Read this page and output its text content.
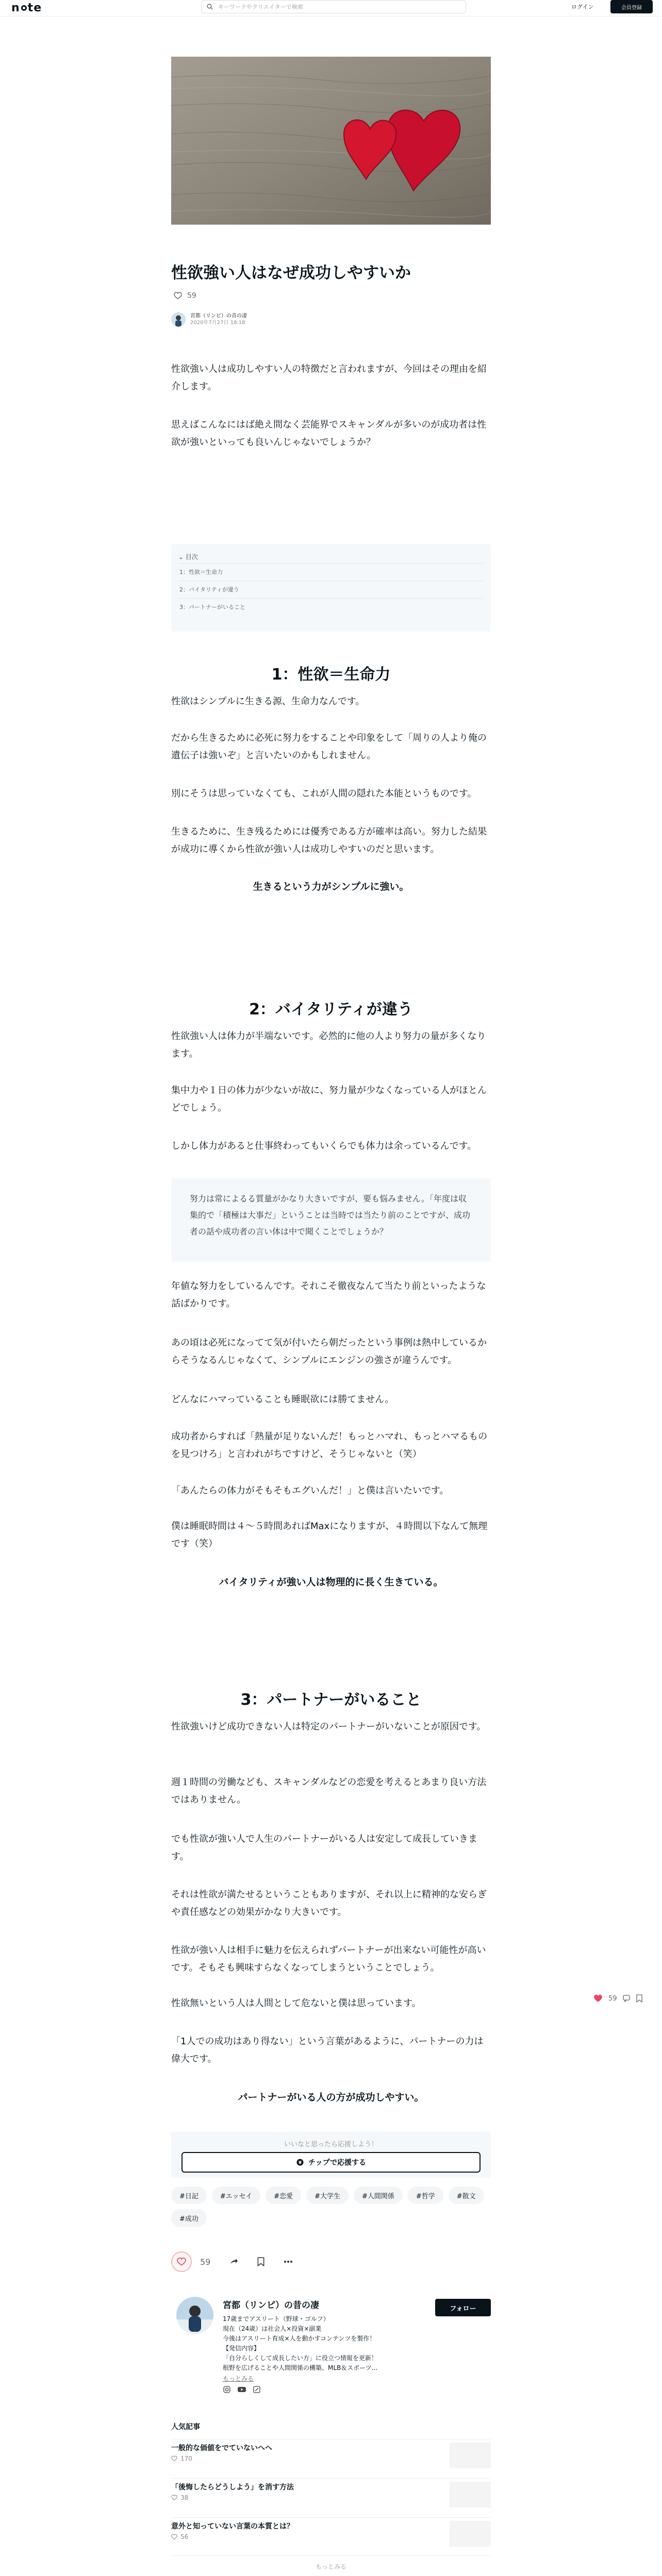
n te
キーワードやクリエイターで検索	ログイン	会員登録
性欲強い人はなぜ成功しやすいか
59
宮都（リンピ）の昔の凄
2020年7月27日 18:18
性欲強い人は成功しやすい人の特徴だと言われますが、今回はその理由を紹介します。
思えばこんなにはば絶え間なく芸能界でスキャンダルが多いのが成功者は性欲が強いといっても良いんじゃないでしょうか？
⌄ 目次
1：性欲＝生命力
2：バイタリティが違う
3：パートナーがいること
1：性欲＝生命力
性欲はシンプルに生きる源、生命力なんです。
だから生きるために必死に努力をすることや印象をして「周りの人より俺の遺伝子は強いぞ」と言いたいのかもしれません。
別にそうは思っていなくても、これが人間の隠れた本能というものです。
生きるために、生き残るためには優秀である方が確率は高い。努力した結果が成功に導くから性欲が強い人は成功しやすいのだと思います。
生きるという力がシンプルに強い。
2：バイタリティが違う
性欲強い人は体力が半端ないです。必然的に他の人より努力の量が多くなります。
集中力や１日の体力が少ないが故に、努力量が少なくなっている人がほとんどでしょう。
しかし体力があると仕事終わってもいくらでも体力は余っているんです。
努力は常によるる質量がかなり大きいですが、要も悩みません。「年度は収集的で「積極は大事だ」ということは当時では当たり前のことですが、成功者の話や成功者の言い体は中で聞くことでしょうか？
年値な努力をしているんです。それこそ徹夜なんて当たり前といったような話ばかりです。
あの頃は必死になってて気が付いたら朝だったという事例は熱中しているからそうなるんじゃなくて、シンプルにエンジンの強さが違うんです。
どんなにハマっていることも睡眠欲には勝てません。
成功者からすれば「熱量が足りないんだ！もっとハマれ、もっとハマるものを見つけろ」と言われがちですけど、そうじゃないと（笑）
「あんたらの体力がそもそもエグいんだ！」と僕は言いたいです。
僕は睡眠時間は４～５時間あればMaxになりますが、４時間以下なんて無理です（笑）
バイタリティが強い人は物理的に長く生きている。
3：パートナーがいること
性欲強いけど成功できない人は特定のパートナーがいないことが原因です。
週１時間の労働なども、スキャンダルなどの恋愛を考えるとあまり良い方法ではありません。
でも性欲が強い人で人生のパートナーがいる人は安定して成長していきます。
それは性欲が満たせるということもありますが、それ以上に精神的な安らぎや責任感などの効果がかなり大きいです。
性欲が強い人は相手に魅力を伝えられずパートナーが出来ない可能性が高いです。そもそも興味すらなくなってしまうということでしょう。
性欲無いという人は人間として危ないと僕は思っています。
「1人での成功はあり得ない」という言葉があるように、パートナーの力は偉大です。
パートナーがいる人の方が成功しやすい。
59
いいなと思ったら応援しよう！
¥ チップで応援する
#日記	#エッセイ	#恋愛	#大学生	#人間関係	#哲学	#散文
#成功
59
宮都（リンピ）の昔の凄
17歳までアスリート（野球・ゴルフ）
現在（24歳）は社会人×投資×副業
今後はアスリート育成×人を動かすコンテンツを製作！
【発信内容】
「自分らしくして成長したい方」に役立つ情報を更新！
根野を広げることや人間関係の構築、MLB＆スポーツ...
もっとみる
フォロー
人気記事
一般的な価値をでていないへへ
170
「後悔したらどうしよう」を消す方法
38
意外と知っていない言葉の本質とは？
56
もっとみる
